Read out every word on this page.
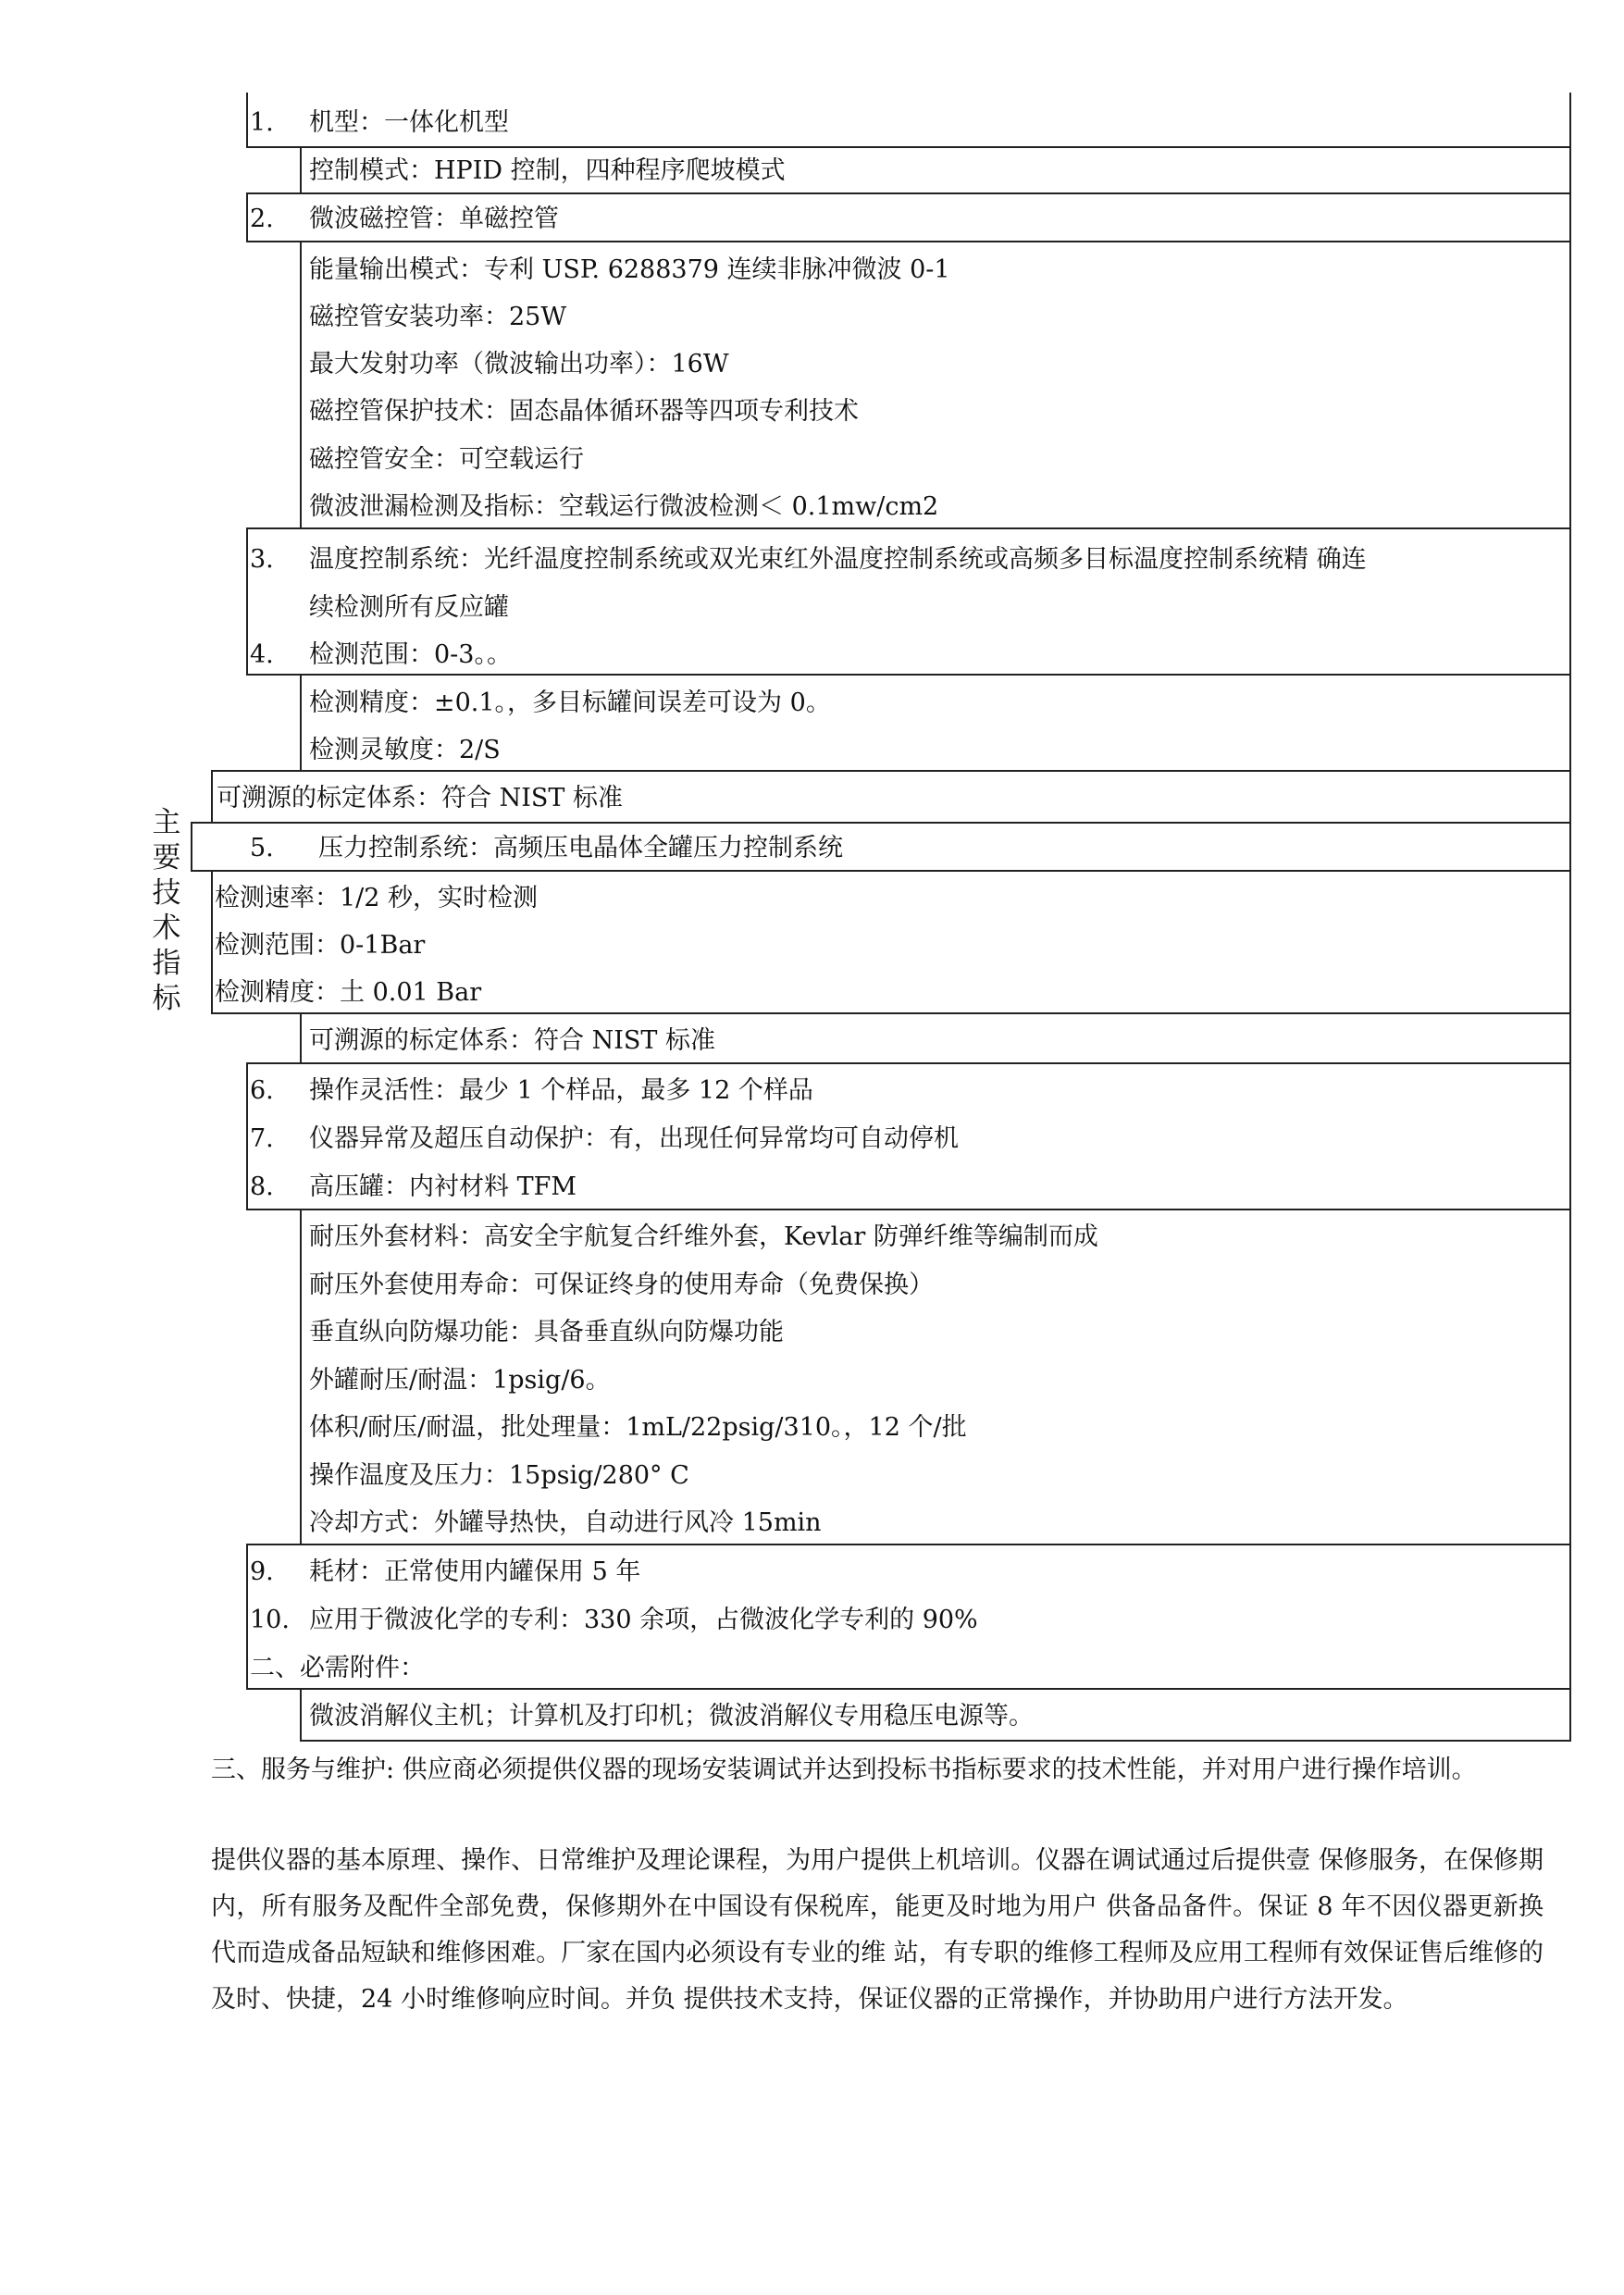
主
要
技
术
指
标
1. 机型：一体化机型
控制模式：HPID 控制，四种程序爬坡模式
2. 微波磁控管：单磁控管
能量输出模式：专利 USP. 6288379 连续非脉冲微波 0-1
磁控管安装功率：25W
最大发射功率（微波输出功率）：16W
磁控管保护技术：固态晶体循环器等四项专利技术
磁控管安全：可空载运行
微波泄漏检测及指标：空载运行微波检测＜ 0.1mw/cm2
3. 温度控制系统：光纤温度控制系统或双光束红外温度控制系统或高频多目标温度控制系统精 确连
续检测所有反应罐
4. 检测范围：0-3。。
检测精度：±0.1。，多目标罐间误差可设为 0。
检测灵敏度：2/S
可溯源的标定体系：符合 NIST 标准
5. 压力控制系统：高频压电晶体全罐压力控制系统
检测速率：1/2 秒，实时检测
检测范围：0-1Bar
检测精度：土 0.01 Bar
可溯源的标定体系：符合 NIST 标准
6. 操作灵活性：最少 1 个样品，最多 12 个样品
7. 仪器异常及超压自动保护：有，出现任何异常均可自动停机
8. 高压罐：内衬材料 TFM
耐压外套材料：高安全宇航复合纤维外套，Kevlar 防弹纤维等编制而成
耐压外套使用寿命：可保证终身的使用寿命（免费保换）
垂直纵向防爆功能：具备垂直纵向防爆功能
外罐耐压/耐温：1psig/6。
体积/耐压/耐温，批处理量：1mL/22psig/310。，12 个/批
操作温度及压力：15psig/280° C
冷却方式：外罐导热快，自动进行风冷 15min
9. 耗材：正常使用内罐保用 5 年
10. 应用于微波化学的专利：330 余项，占微波化学专利的 90%
二、必需附件：
微波消解仪主机；计算机及打印机；微波消解仪专用稳压电源等。
三、服务与维护: 供应商必须提供仪器的现场安装调试并达到投标书指标要求的技术性能，并对用户进行操作培训。
提供仪器的基本原理、操作、日常维护及理论课程，为用户提供上机培训。仪器在调试通过后提供壹 保修服务，在保修期内，所有服务及配件全部免费，保修期外在中国设有保税库，能更及时地为用户 供备品备件。保证 8 年不因仪器更新换代而造成备品短缺和维修困难。厂家在国内必须设有专业的维 站，有专职的维修工程师及应用工程师有效保证售后维修的及时、快捷，24 小时维修响应时间。并负 提供技术支持，保证仪器的正常操作，并协助用户进行方法开发。
